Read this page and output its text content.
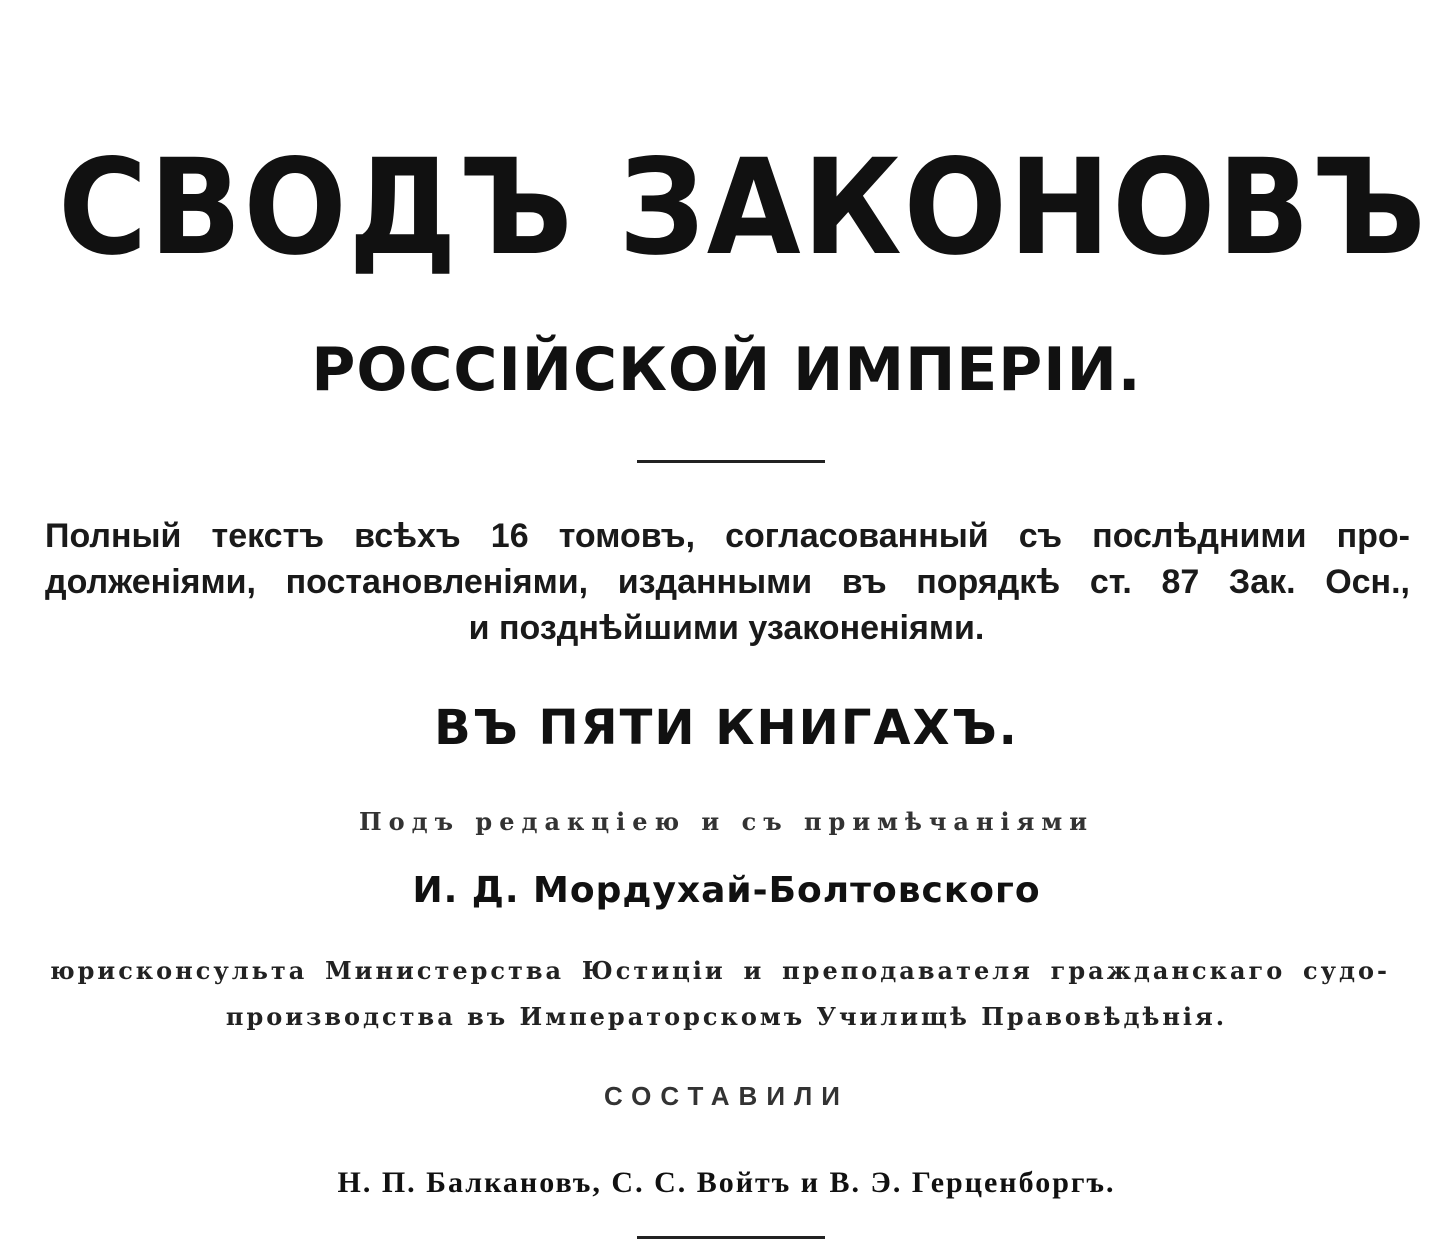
СВОДЪ ЗАКОНОВЪ
РОССІЙСКОЙ ИМПЕРІИ.
Полный текстъ всѣхъ 16 томовъ, согласованный съ послѣдними про-
долженіями, постановленіями, изданными въ порядкѣ ст. 87 Зак. Осн.,
и позднѣйшими узаконеніями.
ВЪ ПЯТИ КНИГАХЪ.
Подъ редакціею и съ примѣчаніями
И. Д. Мордухай-Болтовского
юрисконсульта Министерства Юстиціи и преподавателя гражданскаго судо-
производства въ Императорскомъ Училищѣ Правовѣдѣнія.
СОСТАВИЛИ
Н. П. Балкановъ, С. С. Войтъ и В. Э. Герценборгъ.
